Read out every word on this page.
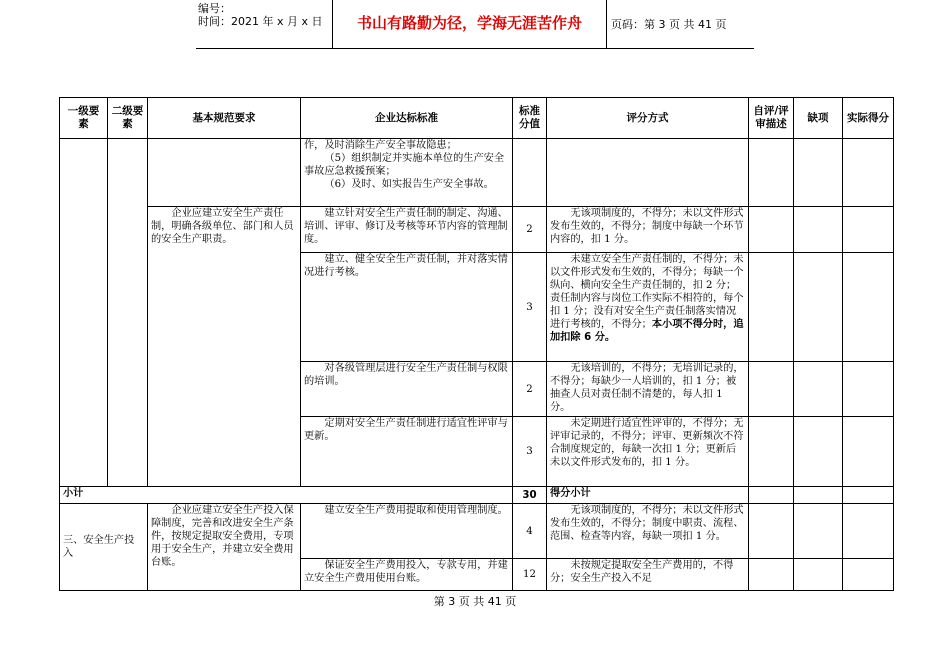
编号：
时间：2021 年 x 月 x 日	书山有路勤为径，学海无涯苦作舟	页码：第 3 页 共 41 页
一级要素	二级要素	基本规范要求	企业达标标准	标准分值	评分方式	自评/评审描述	缺项	实际得分

			作，及时消除生产安全事故隐患；
（5）组织制定并实施本单位的生产安全事故应急救援预案；
（6）及时、如实报告生产安全事故。					

		企业应建立安全生产责任制，明确各级单位、部门和人员的安全生产职责。	建立针对安全生产责任制的制定、沟通、培训、评审、修订及考核等环节内容的管理制度。	2	无该项制度的，不得分；未以文件形式发布生效的，不得分；制度中每缺一个环节内容的，扣 1 分。			
			建立、健全安全生产责任制，并对落实情况进行考核。	3	未建立安全生产责任制的，不得分；未以文件形式发布生效的，不得分；每缺一个纵向、横向安全生产责任制的，扣 2 分；责任制内容与岗位工作实际不相符的，每个扣 1 分；没有对安全生产责任制落实情况进行考核的，不得分；本小项不得分时，追加扣除 6 分。			
			对各级管理层进行安全生产责任制与权限的培训。	2	无该培训的，不得分；无培训记录的，不得分；每缺少一人培训的，扣 1 分；被抽查人员对责任制不清楚的，每人扣 1 分。			
			定期对安全生产责任制进行适宜性评审与更新。	3	未定期进行适宜性评审的，不得分；无评审记录的，不得分；评审、更新频次不符合制度规定的，每缺一次扣 1 分；更新后未以文件形式发布的，扣 1 分。			
小计				30	得分小计			
三、安全生产投入		企业应建立安全生产投入保障制度，完善和改进安全生产条件，按规定提取安全费用，专项用于安全生产，并建立安全费用台账。	建立安全生产费用提取和使用管理制度。	4	无该项制度的，不得分；未以文件形式发布生效的，不得分；制度中职责、流程、范围、检查等内容，每缺一项扣 1 分。			
			保证安全生产费用投入，专款专用，并建立安全生产费用使用台账。	12	未按规定提取安全生产费用的，不得分；安全生产投入不足			
第 3 页 共 41 页
